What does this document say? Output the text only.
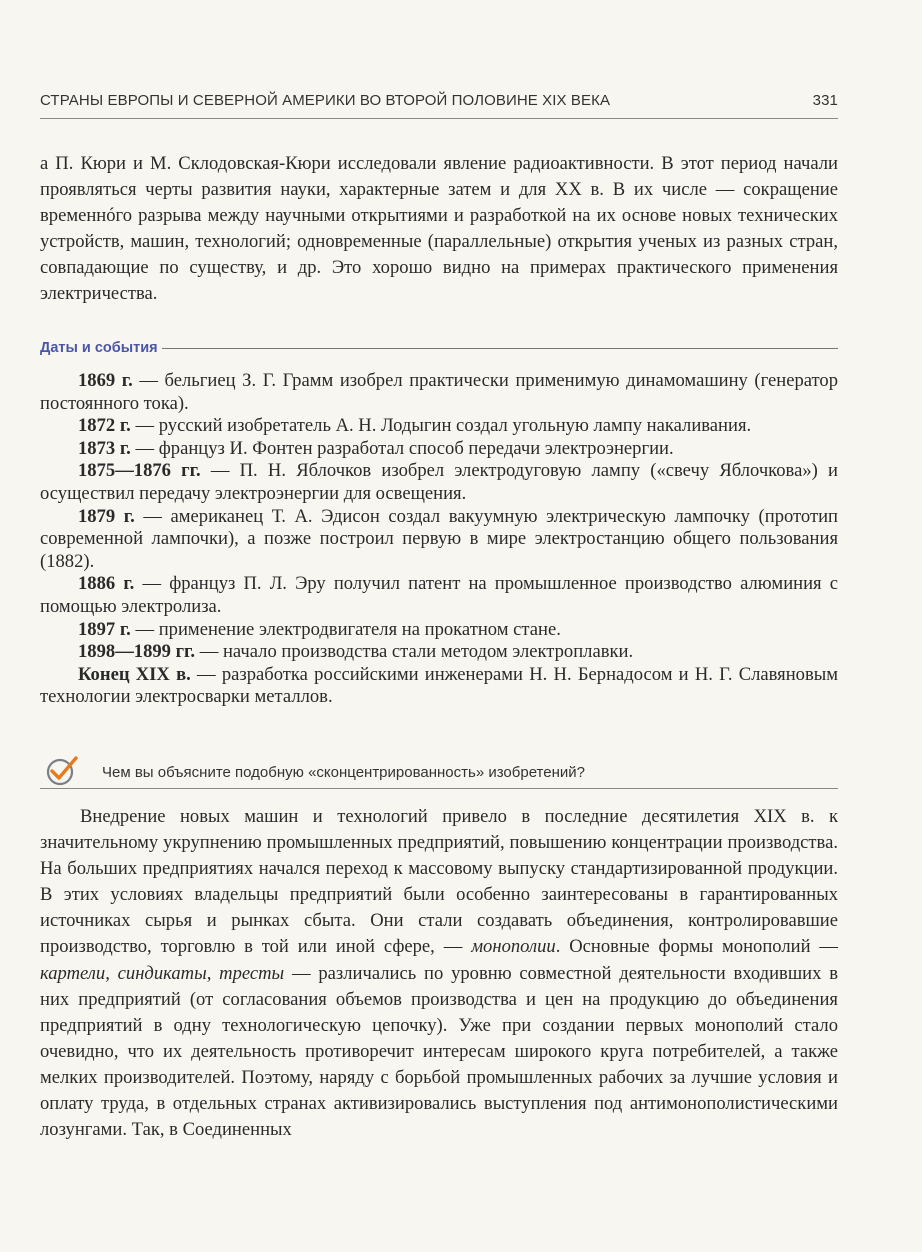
СТРАНЫ ЕВРОПЫ И СЕВЕРНОЙ АМЕРИКИ ВО ВТОРОЙ ПОЛОВИНЕ XIX ВЕКА	331

а П. Кюри и М. Склодовская-Кюри исследовали явление радиоактивности. В этот период начали проявляться черты развития науки, характерные затем и для XX в. В их числе — сокращение временнóго разрыва между научными открытиями и разработкой на их основе новых технических устройств, машин, технологий; одновременные (параллельные) открытия ученых из разных стран, совпадающие по существу, и др. Это хорошо видно на примерах практического применения электричества.

Даты и события

1869 г. — бельгиец З. Г. Грамм изобрел практически применимую динамомашину (генератор постоянного тока).

1872 г. — русский изобретатель А. Н. Лодыгин создал угольную лампу накаливания.

1873 г. — француз И. Фонтен разработал способ передачи электроэнергии.

1875—1876 гг. — П. Н. Яблочков изобрел электродуговую лампу («свечу Яблочкова») и осуществил передачу электроэнергии для освещения.

1879 г. — американец Т. А. Эдисон создал вакуумную электрическую лампочку (прототип современной лампочки), а позже построил первую в мире электростанцию общего пользования (1882).

1886 г. — француз П. Л. Эру получил патент на промышленное производство алюминия с помощью электролиза.

1897 г. — применение электродвигателя на прокатном стане.

1898—1899 гг. — начало производства стали методом электроплавки.

Конец XIX в. — разработка российскими инженерами Н. Н. Бернадосом и Н. Г. Славяновым технологии электросварки металлов.

Чем вы объясните подобную «сконцентрированность» изобретений?

Внедрение новых машин и технологий привело в последние десятилетия XIX в. к значительному укрупнению промышленных предприятий, повышению концентрации производства. На больших предприятиях начался переход к массовому выпуску стандартизированной продукции. В этих условиях владельцы предприятий были особенно заинтересованы в гарантированных источниках сырья и рынках сбыта. Они стали создавать объединения, контролировавшие производство, торговлю в той или иной сфере, — монополии. Основные формы монополий — картели, синдикаты, тресты — различались по уровню совместной деятельности входивших в них предприятий (от согласования объемов производства и цен на продукцию до объединения предприятий в одну технологическую цепочку). Уже при создании первых монополий стало очевидно, что их деятельность противоречит интересам широкого круга потребителей, а также мелких производителей. Поэтому, наряду с борьбой промышленных рабочих за лучшие условия и оплату труда, в отдельных странах активизировались выступления под антимонополистическими лозунгами. Так, в Соединенных
